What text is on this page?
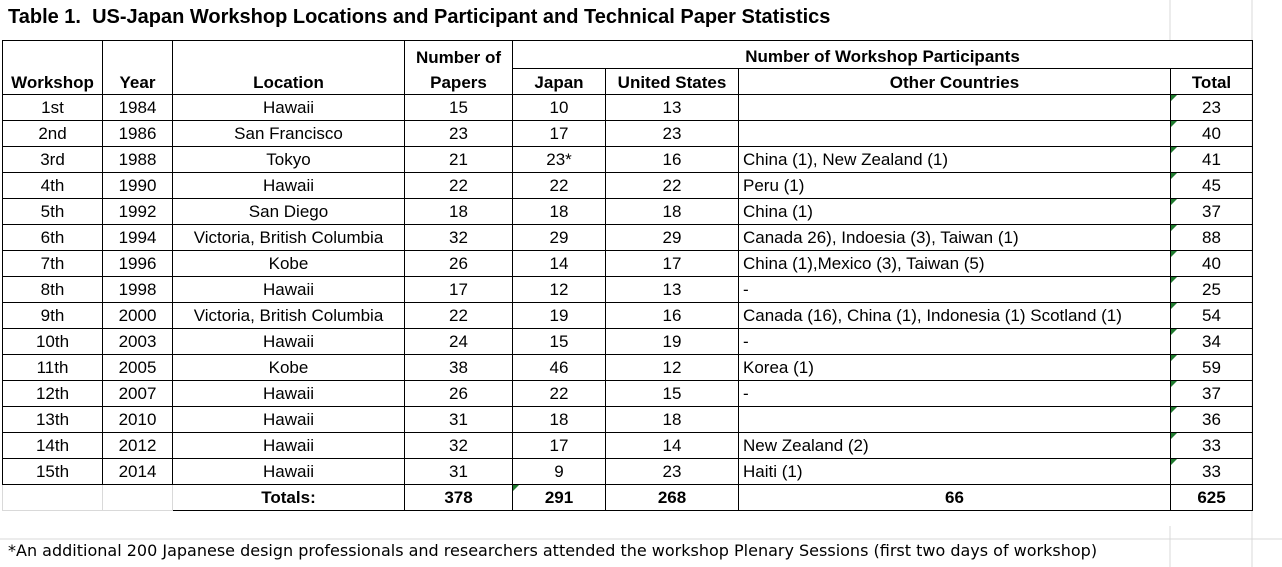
Table 1.  US-Japan Workshop Locations and Participant and Technical Paper Statistics
Workshop	Year	Location	Number of	Number of Workshop Participants			
			Papers	Japan	United States	Other Countries	Total
1st	1984	Hawaii	15	10	13		23
2nd	1986	San Francisco	23	17	23		40
3rd	1988	Tokyo	21	23*	16	China (1), New Zealand (1)	41
4th	1990	Hawaii	22	22	22	Peru (1)	45
5th	1992	San Diego	18	18	18	China (1)	37
6th	1994	Victoria, British Columbia	32	29	29	Canada 26), Indoesia (3), Taiwan (1)	88
7th	1996	Kobe	26	14	17	China (1),Mexico (3), Taiwan (5)	40
8th	1998	Hawaii	17	12	13	-	25
9th	2000	Victoria, British Columbia	22	19	16	Canada (16), China (1), Indonesia (1) Scotland (1)	54
10th	2003	Hawaii	24	15	19	-	34
11th	2005	Kobe	38	46	12	Korea (1)	59
12th	2007	Hawaii	26	22	15	-	37
13th	2010	Hawaii	31	18	18		36
14th	2012	Hawaii	32	17	14	New Zealand (2)	33
15th	2014	Hawaii	31	9	23	Haiti (1)	33
		Totals:	378	291	268	66	625
*An additional 200 Japanese design professionals and researchers attended the workshop Plenary Sessions (first two days of workshop)
